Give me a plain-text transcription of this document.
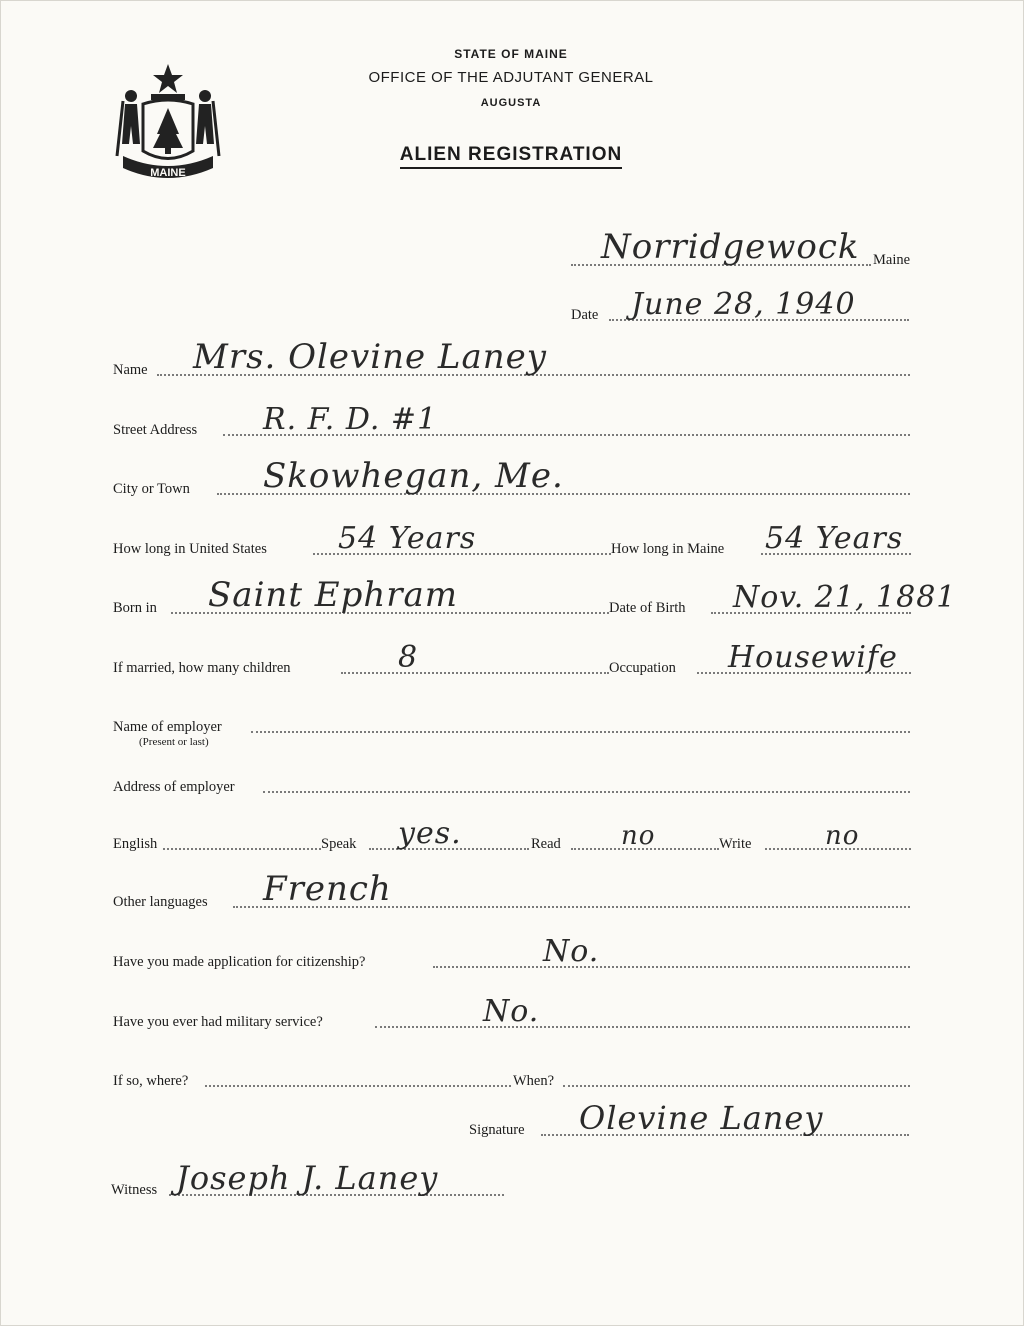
MAINE
STATE OF MAINE
OFFICE OF THE ADJUTANT GENERAL
AUGUSTA
ALIEN REGISTRATION
Norridgewock Maine
Date June 28, 1940
Name Mrs. Olevine Laney
Street Address R. F. D. #1
City or Town Skowhegan, Me.
How long in United States 54 Years	How long in Maine 54 Years
Born in Saint Ephram	Date of Birth Nov. 21, 1881
If married, how many children	8	Occupation Housewife
Name of employer
(Present or last)
Address of employer
English	Speak yes.	Read no	Write	no
Other languages French
Have you made application for citizenship?	No.
Have you ever had military service?	No.
If so, where?	When?
Signature Olevine Laney
Witness Joseph J. Laney
